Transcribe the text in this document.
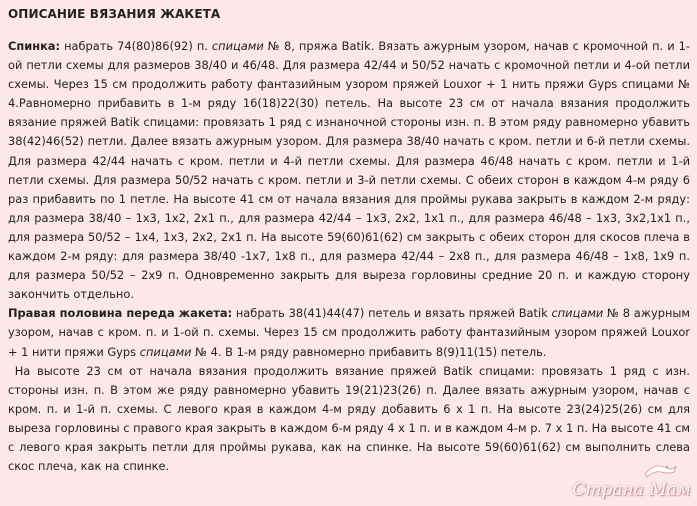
ОПИСАНИЕ ВЯЗАНИЯ ЖАКЕТА

Спинка: набрать 74(80)86(92) п. спицами № 8, пряжа Batik. Вязать ажурным узором, начав с кромочной п. и 1-ой петли схемы для размеров 38/40 и 46/48. Для размера 42/44 и 50/52 начать с кромочной петли и 4-ой петли схемы. Через 15 см продолжить работу фантазийным узором пряжей Louxor + 1 нить пряжи Gyps спицами № 4.Равномерно прибавить в 1-м ряду 16(18)22(30) петель. На высоте 23 см от начала вязания продолжить вязание пряжей Batik спицами: провязать 1 ряд с изнаночной стороны изн. п. В этом ряду равномерно убавить 38(42)46(52) петли. Далее вязать ажурным узором. Для размера 38/40 начать с кром. петли и 6-й петли схемы. Для размера 42/44 начать с кром. петли и 4-й петли схемы. Для размера 46/48 начать с кром. петли и 1-й петли схемы. Для размера 50/52 начать с кром. петли и 3-й петли схемы. С обеих сторон в каждом 4-м ряду 6 раз прибавить по 1 петле. На высоте 41 см от начала вязания для проймы рукава закрыть в каждом 2-м ряду: для размера 38/40 – 1x3, 1x2, 2x1 п., для размера 42/44 – 1x3, 2x2, 1x1 п., для размера 46/48 – 1x3, 3x2,1x1 п., для размера 50/52 – 1x4, 1x3, 2x2, 2x1 п. На высоте 59(60)61(62) см закрыть с обеих сторон для скосов плеча в каждом 2-м ряду: для размера 38/40 -1x7, 1x8 п., для размера 42/44 – 2x8 п., для размера 46/48 – 1x8, 1x9 п. для размера 50/52 – 2x9 п. Одновременно закрыть для выреза горловины средние 20 п. и каждую сторону закончить отдельно.

Правая половина переда жакета: набрать 38(41)44(47) петель и вязать пряжей Batik спицами № 8 ажурным узором, начав с кром. п. и 1-ой п. схемы. Через 15 см продолжить работу фантазийным узором пряжей Louxor + 1 нити пряжи Gyps спицами № 4. В 1-м ряду равномерно прибавить 8(9)11(15) петель.

На высоте 23 см от начала вязания продолжить вязание пряжей Batik спицами: провязать 1 ряд с изн. стороны изн. п. В этом же ряду равномерно убавить 19(21)23(26) п. Далее вязать ажурным узором, начав с кром. п. и 1-й п. схемы. С левого края в каждом 4-м ряду добавить 6 x 1 п. На высоте 23(24)25(26) см для выреза горловины с правого края закрыть в каждом 6-м ряду 4 x 1 п. и в каждом 4-м р. 7 x 1 п. На высоте 41 см с левого края закрыть петли для проймы рукава, как на спинке. На высоте 59(60)61(62) см выполнить слева скос плеча, как на спинке.

Страна Мам
